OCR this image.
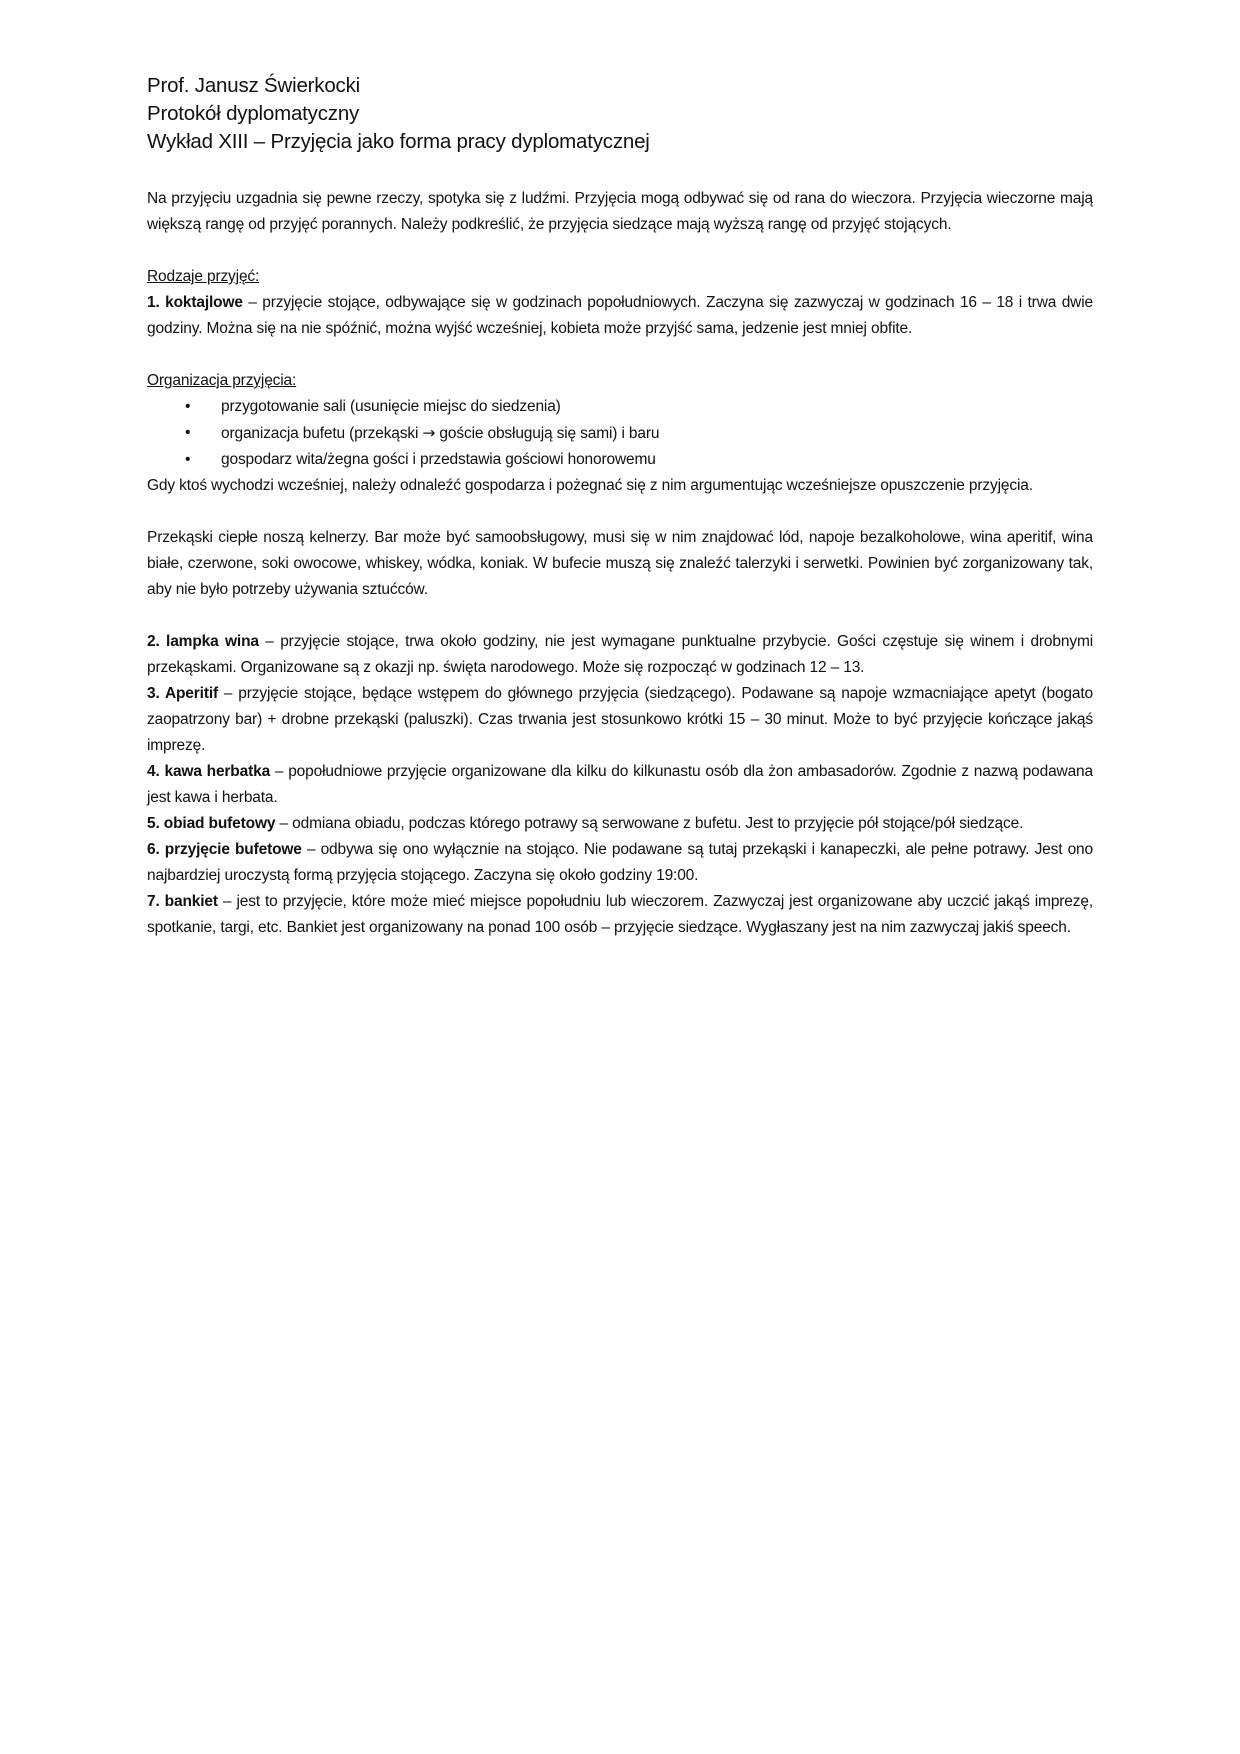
Prof. Janusz Świerkocki

Protokół dyplomatyczny

Wykład XIII – Przyjęcia jako forma pracy dyplomatycznej

Na przyjęciu uzgadnia się pewne rzeczy, spotyka się z ludźmi. Przyjęcia mogą odbywać się od rana do wieczora. Przyjęcia wieczorne mają większą rangę od przyjęć porannych. Należy podkreślić, że przyjęcia siedzące mają wyższą rangę od przyjęć stojących.

Rodzaje przyjęć:

1. koktajlowe – przyjęcie stojące, odbywające się w godzinach popołudniowych. Zaczyna się zazwyczaj w godzinach 16 – 18 i trwa dwie godziny. Można się na nie spóźnić, można wyjść wcześniej, kobieta może przyjść sama, jedzenie jest mniej obfite.

Organizacja przyjęcia:

• przygotowanie sali (usunięcie miejsc do siedzenia)
• organizacja bufetu (przekąski → goście obsługują się sami) i baru
• gospodarz wita/żegna gości i przedstawia gościowi honorowemu

Gdy ktoś wychodzi wcześniej, należy odnaleźć gospodarza i pożegnać się z nim argumentując wcześniejsze opuszczenie przyjęcia.

Przekąski ciepłe noszą kelnerzy. Bar może być samoobsługowy, musi się w nim znajdować lód, napoje bezalkoholowe, wina aperitif, wina białe, czerwone, soki owocowe, whiskey, wódka, koniak. W bufecie muszą się znaleźć talerzyki i serwetki. Powinien być zorganizowany tak, aby nie było potrzeby używania sztućców.

2. lampka wina – przyjęcie stojące, trwa około godziny, nie jest wymagane punktualne przybycie. Gości częstuje się winem i drobnymi przekąskami. Organizowane są z okazji np. święta narodowego. Może się rozpocząć w godzinach 12 – 13.

3. Aperitif – przyjęcie stojące, będące wstępem do głównego przyjęcia (siedzącego). Podawane są napoje wzmacniające apetyt (bogato zaopatrzony bar) + drobne przekąski (paluszki). Czas trwania jest stosunkowo krótki 15 – 30 minut. Może to być przyjęcie kończące jakąś imprezę.

4. kawa herbatka – popołudniowe przyjęcie organizowane dla kilku do kilkunastu osób dla żon ambasadorów. Zgodnie z nazwą podawana jest kawa i herbata.

5. obiad bufetowy – odmiana obiadu, podczas którego potrawy są serwowane z bufetu. Jest to przyjęcie pół stojące/pół siedzące.

6. przyjęcie bufetowe – odbywa się ono wyłącznie na stojąco. Nie podawane są tutaj przekąski i kanapeczki, ale pełne potrawy. Jest ono najbardziej uroczystą formą przyjęcia stojącego. Zaczyna się około godziny 19:00.

7. bankiet – jest to przyjęcie, które może mieć miejsce popołudniu lub wieczorem. Zazwyczaj jest organizowane aby uczcić jakąś imprezę, spotkanie, targi, etc. Bankiet jest organizowany na ponad 100 osób – przyjęcie siedzące. Wygłaszany jest na nim zazwyczaj jakiś speech.
